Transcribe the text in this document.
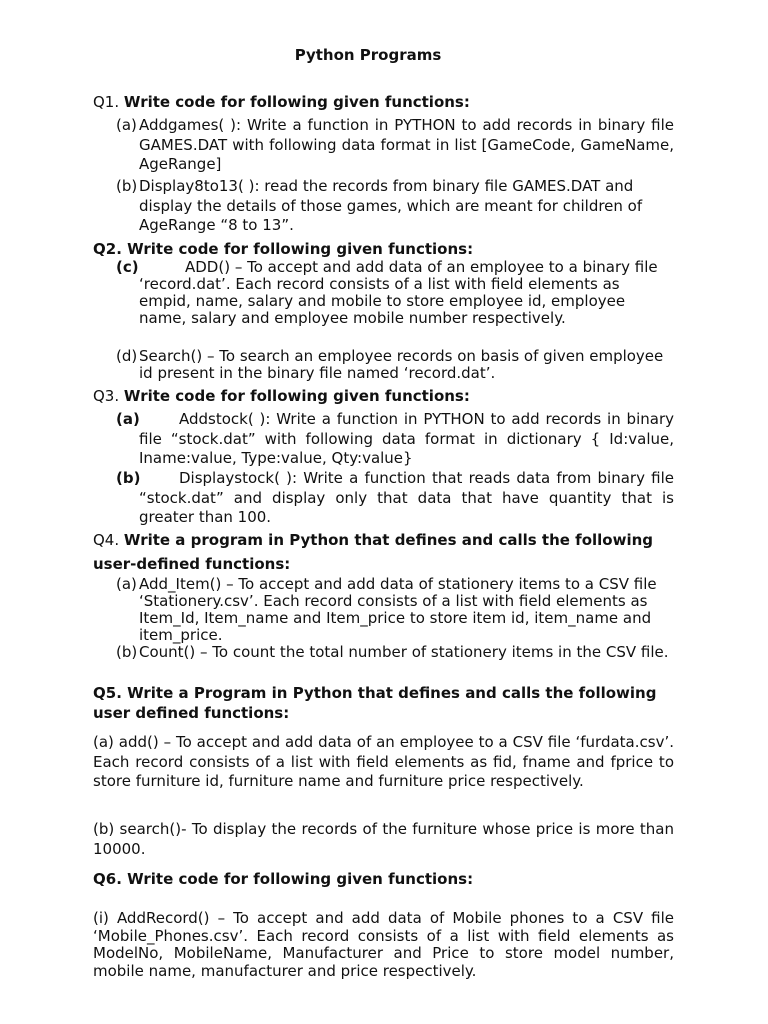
Python Programs
Q1. Write code for following given functions:
(a) Addgames( ): Write a function in PYTHON to add records in binary file GAMES.DAT with following data format in list [GameCode, GameName, AgeRange]
(b) Display8to13( ): read the records from binary file GAMES.DAT and display the details of those games, which are meant for children of AgeRange “8 to 13”.
Q2. Write code for following given functions:
(c)	ADD() – To accept and add data of an employee to a binary file ‘record.dat’. Each record consists of a list with field elements as empid, name, salary and mobile to store employee id, employee name, salary and employee mobile number respectively.
(d) Search() – To search an employee records on basis of given employee id present in the binary file named ‘record.dat’.
Q3. Write code for following given functions:
(a)	Addstock( ): Write a function in PYTHON to add records in binary file “stock.dat” with following data format in dictionary { Id:value, Iname:value, Type:value, Qty:value}
(b)	Displaystock( ): Write a function that reads data from binary file “stock.dat” and display only that data that have quantity that is greater than 100.
Q4. Write a program in Python that defines and calls the following user-defined functions:
(a) Add_Item() – To accept and add data of stationery items to a CSV file ‘Stationery.csv’. Each record consists of a list with field elements as Item_Id, Item_name and Item_price to store item id, item_name and item_price.
(b) Count() – To count the total number of stationery items in the CSV file.
Q5. Write a Program in Python that defines and calls the following user defined functions:
(a) add() – To accept and add data of an employee to a CSV file ‘furdata.csv’. Each record consists of a list with field elements as fid, fname and fprice to store furniture id, furniture name and furniture price respectively.
(b) search()- To display the records of the furniture whose price is more than 10000.
Q6. Write code for following given functions:
(i) AddRecord() – To accept and add data of Mobile phones to a CSV file ‘Mobile_Phones.csv’. Each record consists of a list with field elements as ModelNo, MobileName, Manufacturer and Price to store model number, mobile name, manufacturer and price respectively.
